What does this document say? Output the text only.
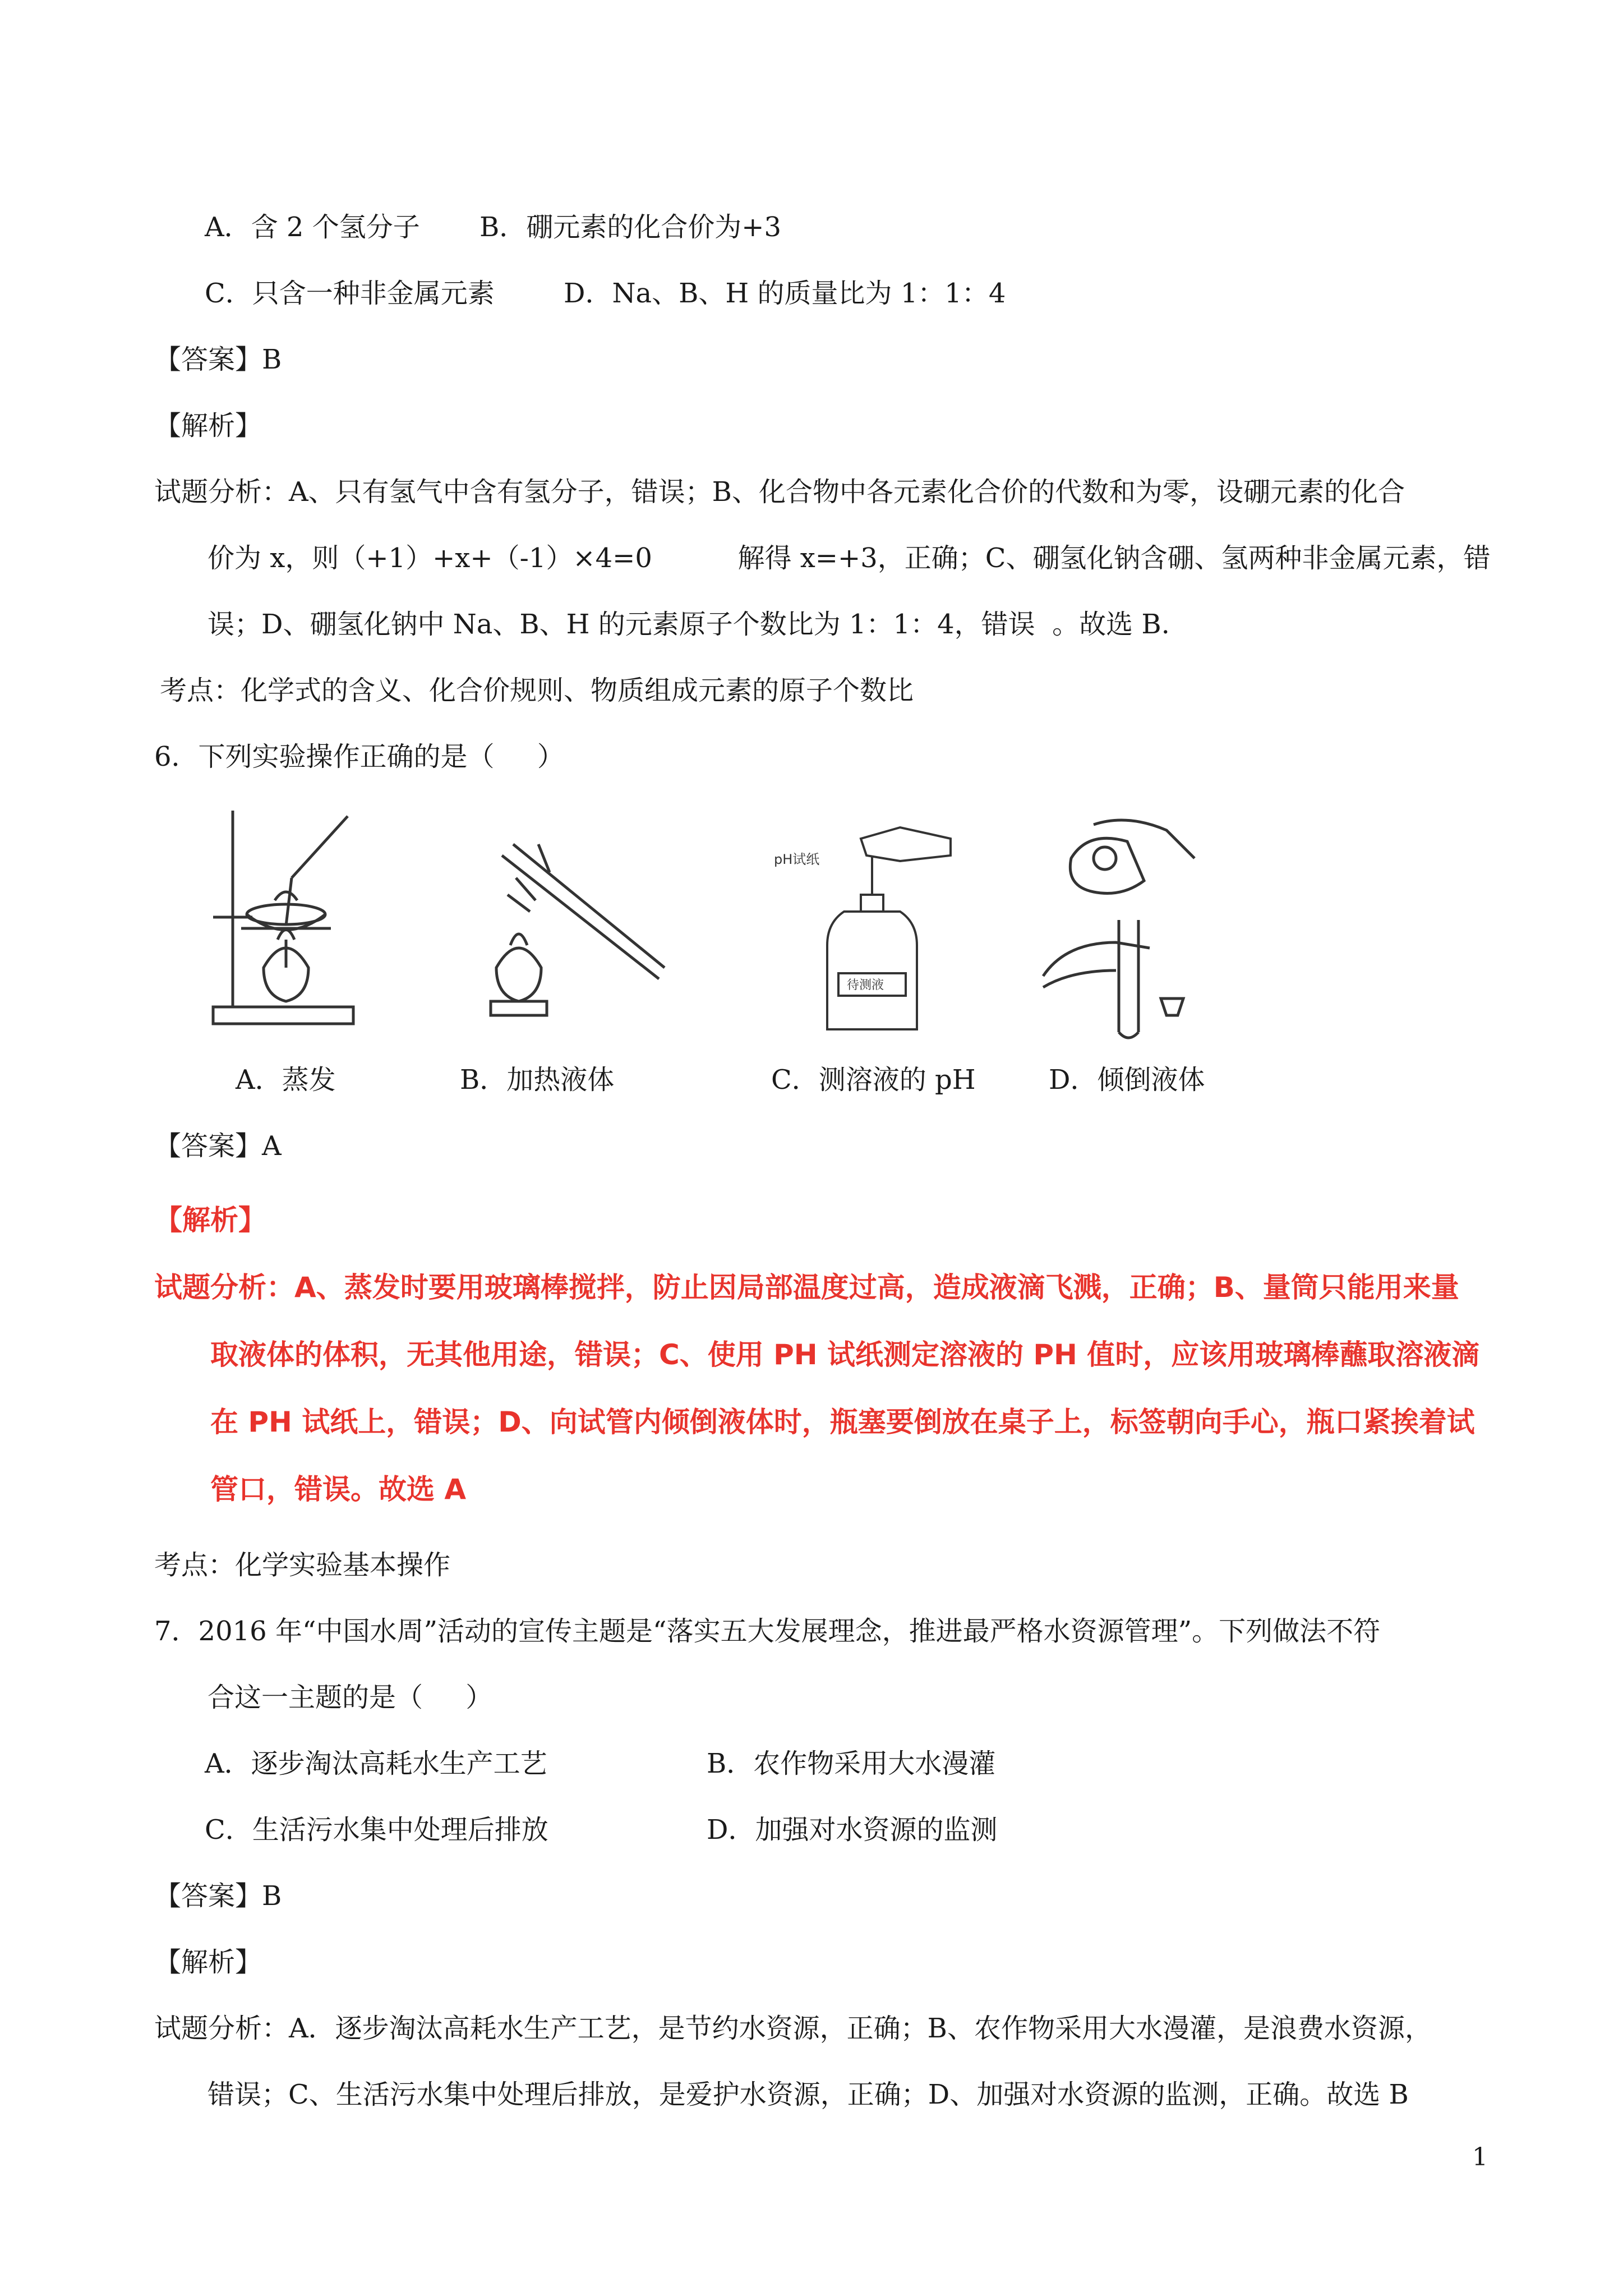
A．含 2 个氢分子 B．硼元素的化合价为+3
C．只含一种非金属元素	D．Na、B、H 的质量比为 1：1：4
【答案】B
【解析】
试题分析：A、只有氢气中含有氢分子，错误；B、化合物中各元素化合价的代数和为零，设硼元素的化合
价为 x，则（+1）+x+（-1）×4=0          解得 x=+3，正确；C、硼氢化钠含硼、氢两种非金属元素，错
误；D、硼氢化钠中 Na、B、H 的元素原子个数比为 1：1：4，错误  。故选 B.
考点：化学式的含义、化合价规则、物质组成元素的原子个数比
6．下列实验操作正确的是（     ）
pH试纸
待测液
A．蒸发	B．加热液体	C．测溶液的 pH	D．倾倒液体
【答案】A
【解析】
试题分析：A、蒸发时要用玻璃棒搅拌，防止因局部温度过高，造成液滴飞溅，正确；B、量筒只能用来量
取液体的体积，无其他用途，错误；C、使用 PH 试纸测定溶液的 PH 值时，应该用玻璃棒蘸取溶液滴
在 PH 试纸上，错误；D、向试管内倾倒液体时，瓶塞要倒放在桌子上，标签朝向手心，瓶口紧挨着试
管口，错误。故选 A
考点：化学实验基本操作
7．2016 年“中国水周”活动的宣传主题是“落实五大发展理念，推进最严格水资源管理”。下列做法不符
合这一主题的是（     ）
A．逐步淘汰高耗水生产工艺	B．农作物采用大水漫灌
C．生活污水集中处理后排放	D．加强对水资源的监测
【答案】B
【解析】
试题分析：A．逐步淘汰高耗水生产工艺，是节约水资源，正确；B、农作物采用大水漫灌，是浪费水资源，
错误；C、生活污水集中处理后排放，是爱护水资源，正确；D、加强对水资源的监测，正确。故选 B
1
